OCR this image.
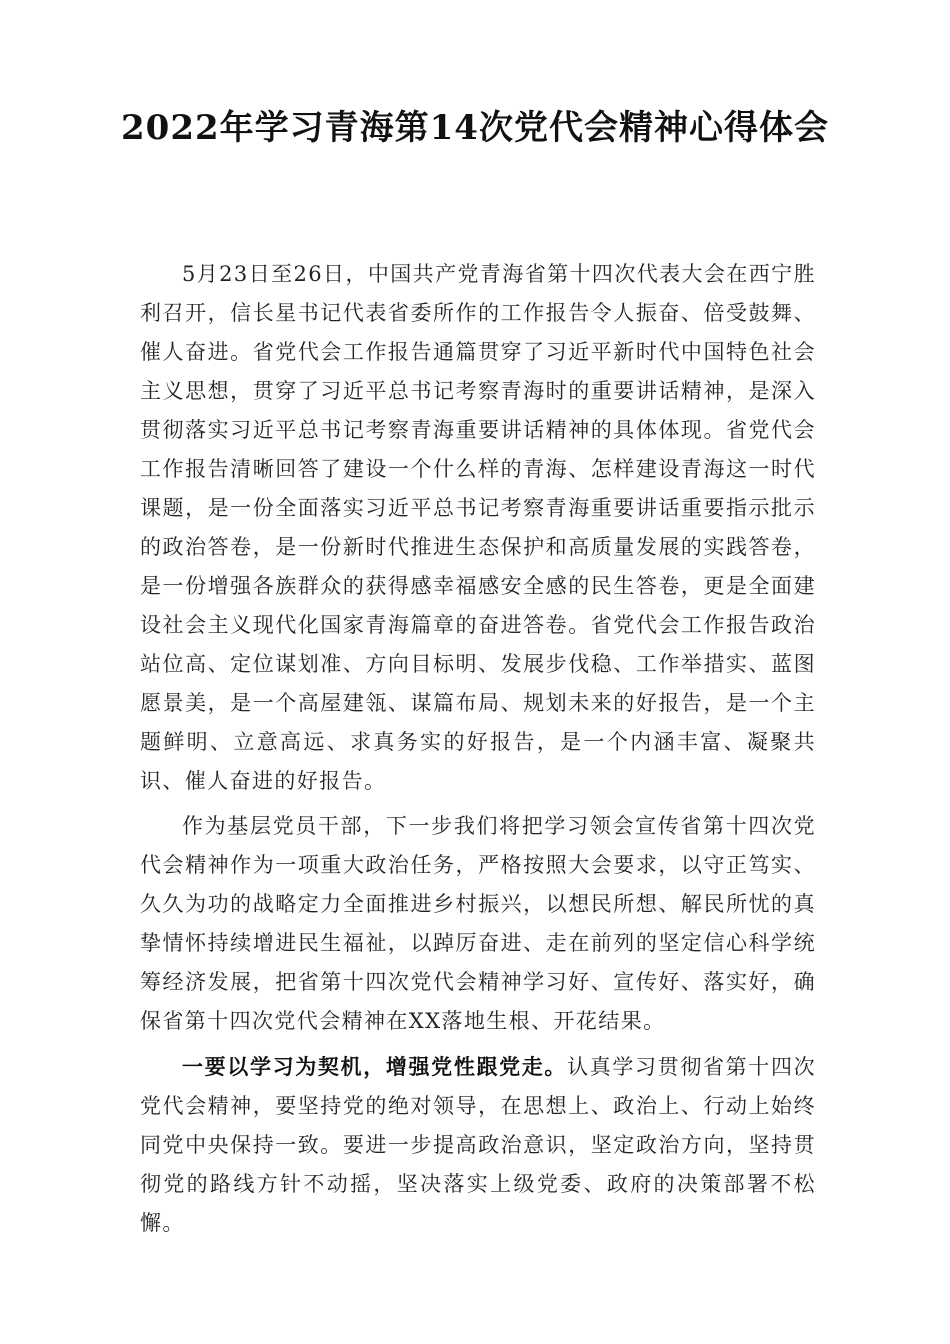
2022年学习青海第14次党代会精神心得体会

5月23日至26日，中国共产党青海省第十四次代表大会在西宁胜利召开，信长星书记代表省委所作的工作报告令人振奋、倍受鼓舞、催人奋进。省党代会工作报告通篇贯穿了习近平新时代中国特色社会主义思想，贯穿了习近平总书记考察青海时的重要讲话精神，是深入贯彻落实习近平总书记考察青海重要讲话精神的具体体现。省党代会工作报告清晰回答了建设一个什么样的青海、怎样建设青海这一时代课题，是一份全面落实习近平总书记考察青海重要讲话重要指示批示的政治答卷，是一份新时代推进生态保护和高质量发展的实践答卷，是一份增强各族群众的获得感幸福感安全感的民生答卷，更是全面建设社会主义现代化国家青海篇章的奋进答卷。省党代会工作报告政治站位高、定位谋划准、方向目标明、发展步伐稳、工作举措实、蓝图愿景美，是一个高屋建瓴、谋篇布局、规划未来的好报告，是一个主题鲜明、立意高远、求真务实的好报告，是一个内涵丰富、凝聚共识、催人奋进的好报告。

作为基层党员干部，下一步我们将把学习领会宣传省第十四次党代会精神作为一项重大政治任务，严格按照大会要求，以守正笃实、久久为功的战略定力全面推进乡村振兴，以想民所想、解民所忧的真挚情怀持续增进民生福祉，以踔厉奋进、走在前列的坚定信心科学统筹经济发展，把省第十四次党代会精神学习好、宣传好、落实好，确保省第十四次党代会精神在XX落地生根、开花结果。

一要以学习为契机，增强党性跟党走。认真学习贯彻省第十四次党代会精神，要坚持党的绝对领导，在思想上、政治上、行动上始终同党中央保持一致。要进一步提高政治意识，坚定政治方向，坚持贯彻党的路线方针不动摇，坚决落实上级党委、政府的决策部署不松懈。
